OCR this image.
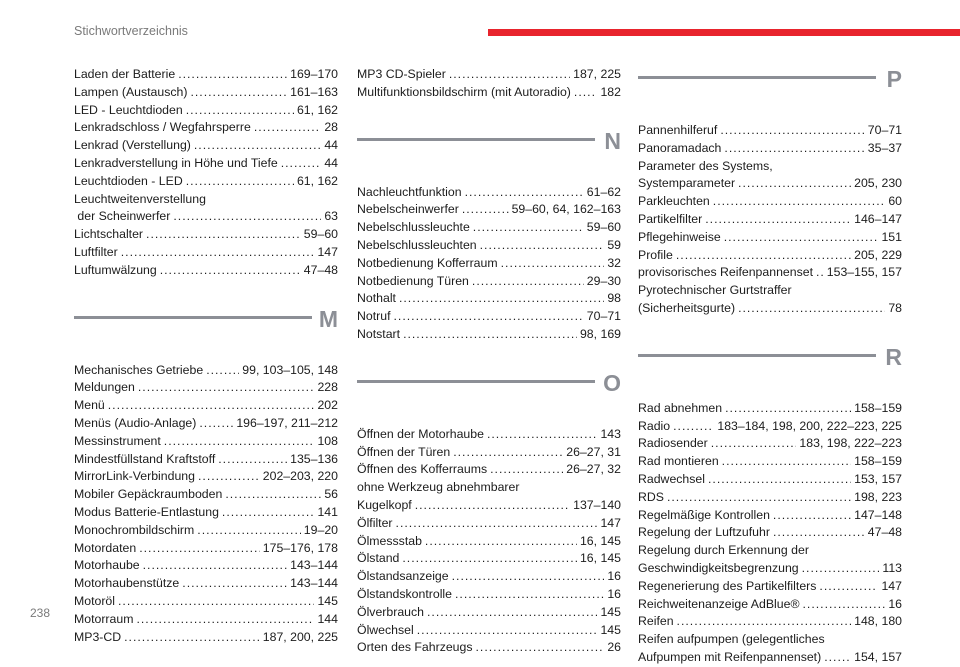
Stichwortverzeichnis
Laden der Batterie .....	169–170
Lampen (Austausch) .....	161–163
LED - Leuchtdioden .....	61, 162
Lenkradschloss / Wegfahrsperre .....	28
Lenkrad (Verstellung) .....	44
Lenkradverstellung in Höhe und Tiefe .....	44
Leuchtdioden - LED .....	61, 162
Leuchtweitenverstellung
der Scheinwerfer .....	63
Lichtschalter .....	59–60
Luftfilter .....	147
Luftumwälzung .....	47–48
M
Mechanisches Getriebe .....	99, 103–105, 148
Meldungen .....	228
Menü .....	202
Menüs (Audio-Anlage) .....	196–197, 211–212
Messinstrument .....	108
Mindestfüllstand Kraftstoff .....	135–136
MirrorLink-Verbindung .....	202–203, 220
Mobiler Gepäckraumboden .....	56
Modus Batterie-Entlastung .....	141
Monochrombildschirm .....	19–20
Motordaten .....	175–176, 178
Motorhaube .....	143–144
Motorhaubenstütze .....	143–144
Motoröl .....	145
Motorraum .....	144
MP3-CD .....	187, 200, 225
MP3 CD-Spieler .....	187, 225
Multifunktionsbildschirm (mit Autoradio) ..... 182
N
Nachleuchtfunktion .....	61–62
Nebelscheinwerfer .....	59–60, 64, 162–163
Nebelschlussleuchte .....	59–60
Nebelschlussleuchten .....	59
Notbedienung Kofferraum .....	32
Notbedienung Türen .....	29–30
Nothalt .....	98
Notruf .....	70–71
Notstart .....	98, 169
O
Öffnen der Motorhaube .....	143
Öffnen der Türen .....	26–27, 31
Öffnen des Kofferraums .....	26–27, 32
ohne Werkzeug abnehmbarer
Kugelkopf .....	137–140
Ölfilter .....	147
Ölmessstab .....	16, 145
Ölstand .....	16, 145
Ölstandsanzeige .....	16
Ölstandskontrolle .....	16
Ölverbrauch .....	145
Ölwechsel .....	145
Orten des Fahrzeugs .....	26
P
Pannenhilferuf .....	70–71
Panoramadach .....	35–37
Parameter des Systems,
Systemparameter .....	205, 230
Parkleuchten .....	60
Partikelfilter .....	146–147
Pflegehinweise .....	151
Profile .....	205, 229
provisorisches Reifenpannenset ..... 153–155, 157
Pyrotechnischer Gurtstraffer
(Sicherheitsgurte) .....	78
R
Rad abnehmen .....	158–159
Radio .....	183–184, 198, 200, 222–223, 225
Radiosender .....	183, 198, 222–223
Rad montieren .....	158–159
Radwechsel .....	153, 157
RDS .....	198, 223
Regelmäßige Kontrollen .....	147–148
Regelung der Luftzufuhr .....	47–48
Regelung durch Erkennung der
Geschwindigkeitsbegrenzung .....	113
Regenerierung des Partikelfilters .....	147
Reichweitenanzeige AdBlue® .....	16
Reifen .....	148, 180
Reifen aufpumpen (gelegentliches
Aufpumpen mit Reifenpannenset) .....	154, 157
238
